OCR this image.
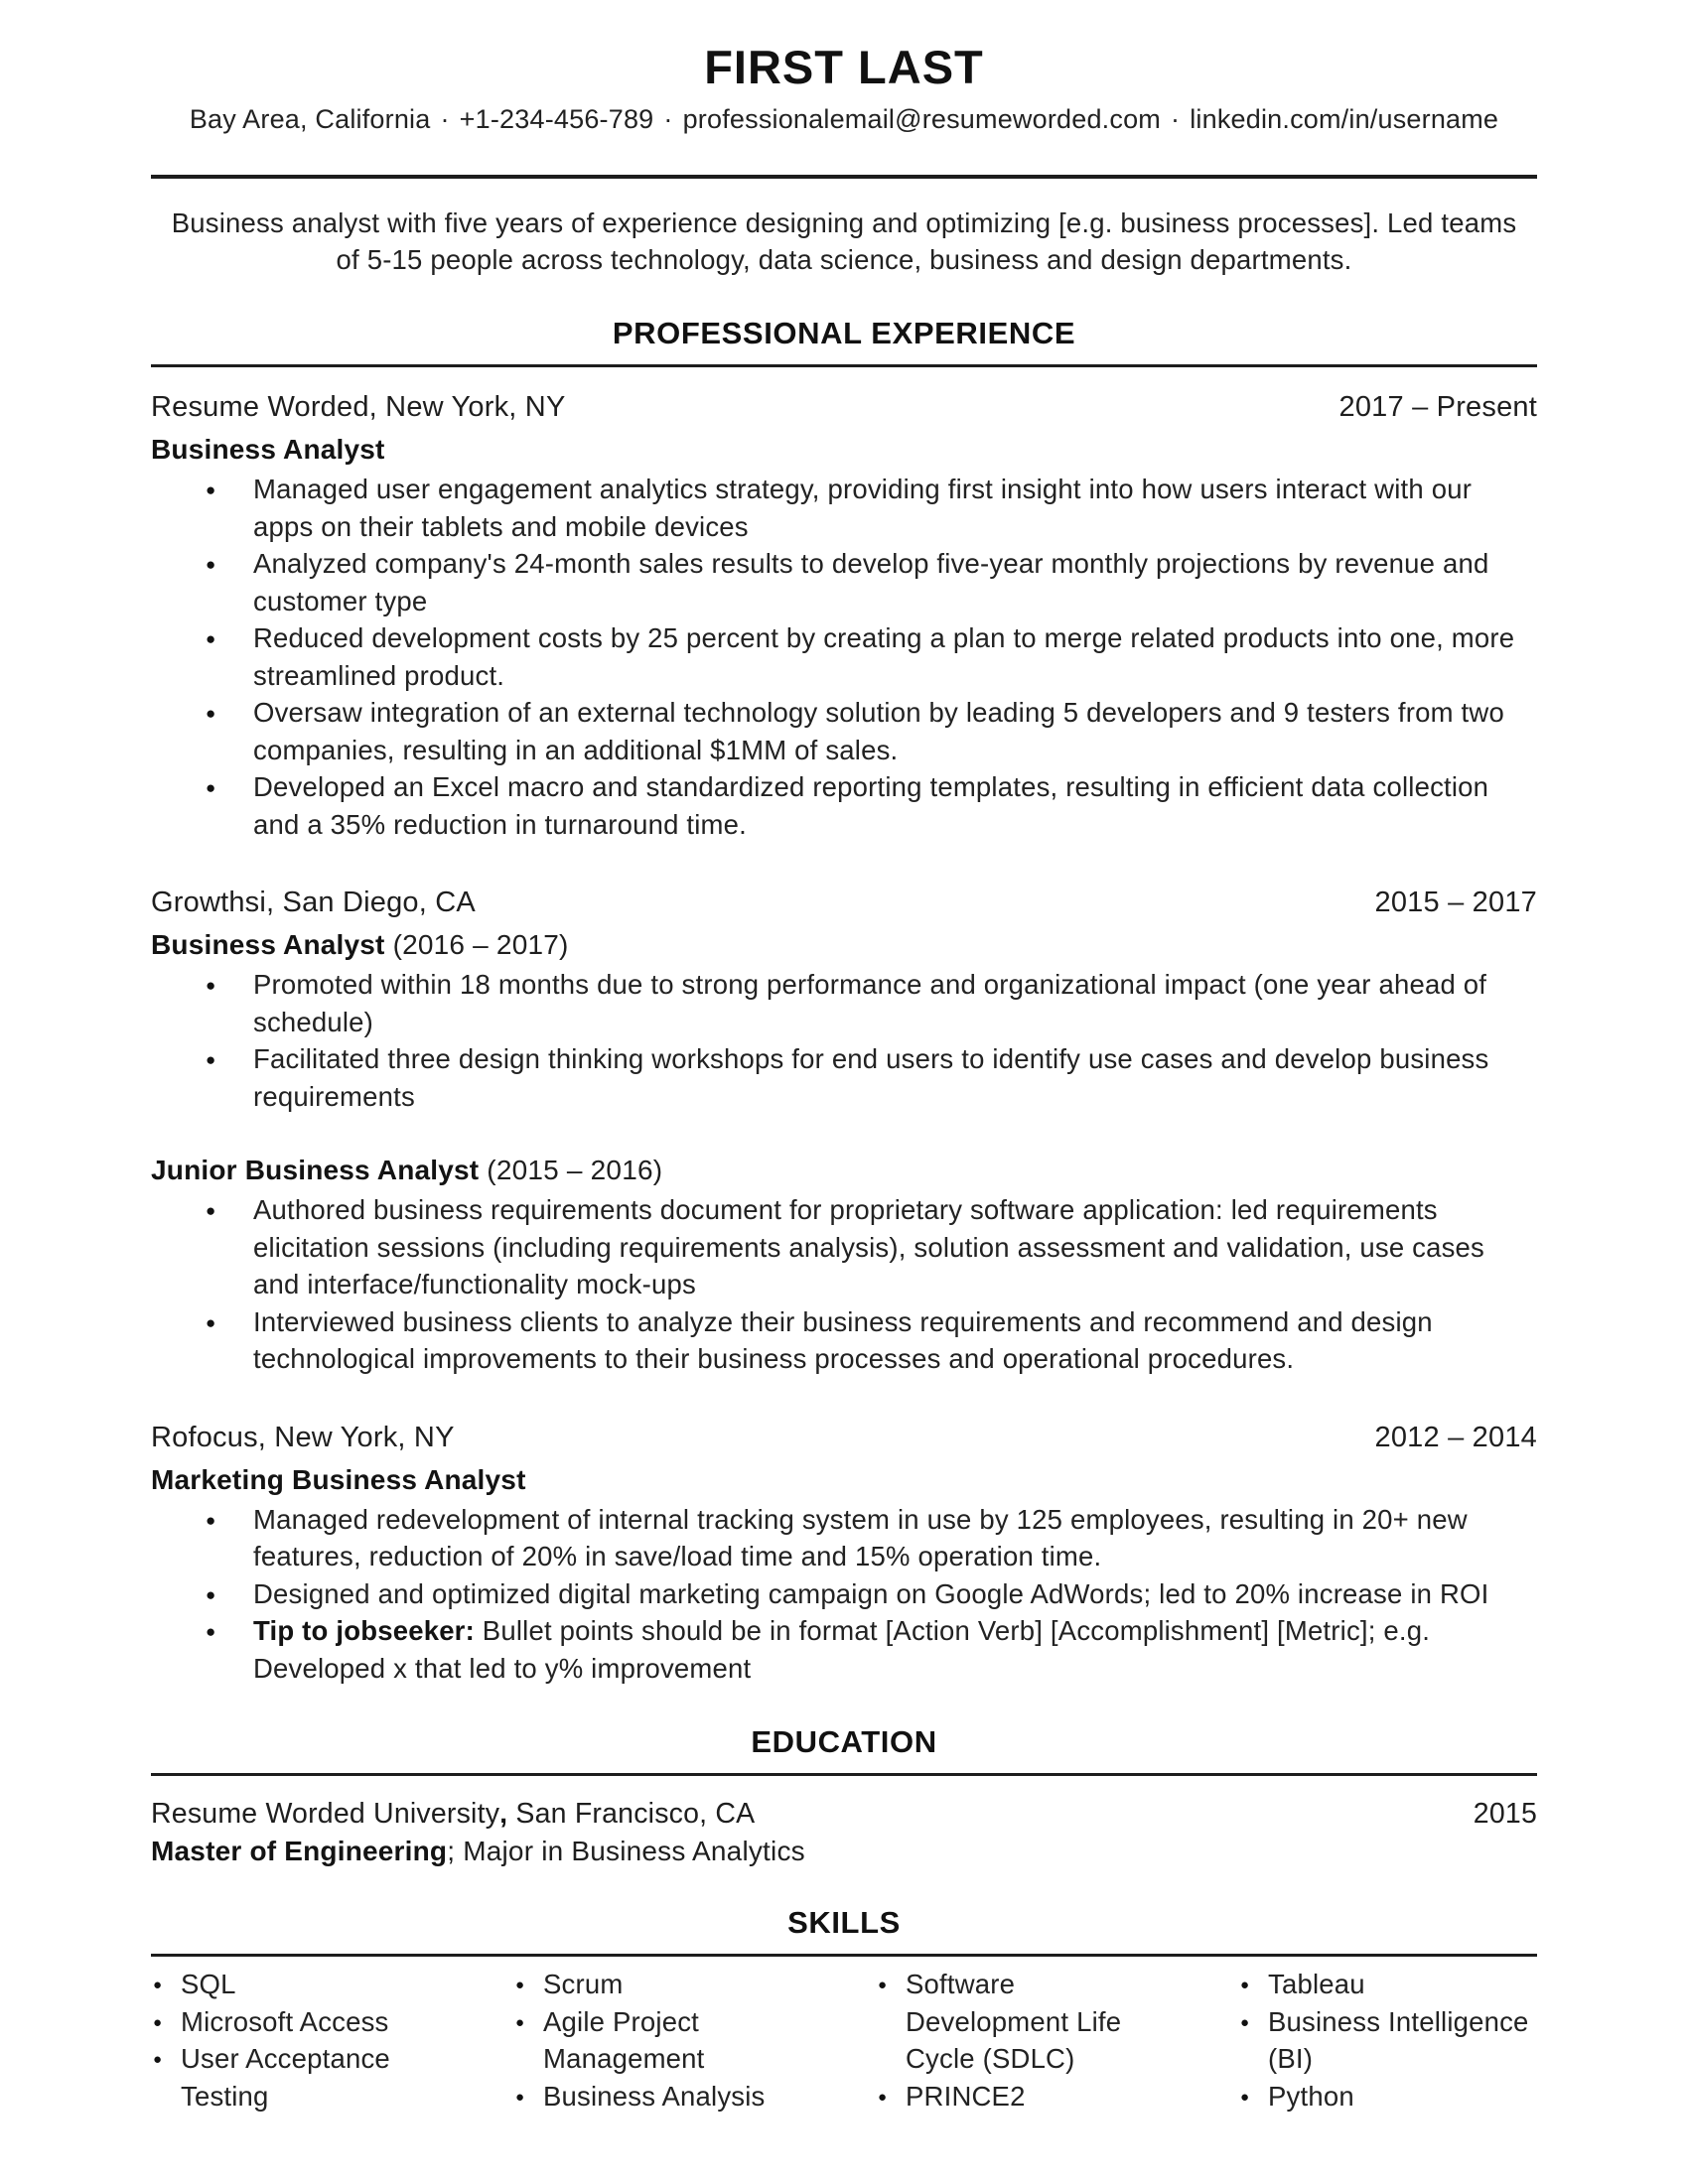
FIRST LAST
Bay Area, California · +1-234-456-789 · professionalemail@resumeworded.com · linkedin.com/in/username

Business analyst with five years of experience designing and optimizing [e.g. business processes]. Led teams of 5-15 people across technology, data science, business and design departments.

PROFESSIONAL EXPERIENCE
Resume Worded, New York, NY	2017 – Present
Business Analyst
● Managed user engagement analytics strategy, providing first insight into how users interact with our apps on their tablets and mobile devices
● Analyzed company's 24-month sales results to develop five-year monthly projections by revenue and customer type
● Reduced development costs by 25 percent by creating a plan to merge related products into one, more streamlined product.
● Oversaw integration of an external technology solution by leading 5 developers and 9 testers from two companies, resulting in an additional $1MM of sales.
● Developed an Excel macro and standardized reporting templates, resulting in efficient data collection and a 35% reduction in turnaround time.
Growthsi, San Diego, CA	2015 – 2017
Business Analyst (2016 – 2017)
● Promoted within 18 months due to strong performance and organizational impact (one year ahead of schedule)
● Facilitated three design thinking workshops for end users to identify use cases and develop business requirements
Junior Business Analyst (2015 – 2016)
● Authored business requirements document for proprietary software application: led requirements elicitation sessions (including requirements analysis), solution assessment and validation, use cases and interface/functionality mock-ups
● Interviewed business clients to analyze their business requirements and recommend and design technological improvements to their business processes and operational procedures.
Rofocus, New York, NY	2012 – 2014
Marketing Business Analyst
● Managed redevelopment of internal tracking system in use by 125 employees, resulting in 20+ new features, reduction of 20% in save/load time and 15% operation time.
● Designed and optimized digital marketing campaign on Google AdWords; led to 20% increase in ROI
● Tip to jobseeker: Bullet points should be in format [Action Verb] [Accomplishment] [Metric]; e.g. Developed x that led to y% improvement
EDUCATION
Resume Worded University, San Francisco, CA	2015
Master of Engineering; Major in Business Analytics
SKILLS
● SQL
● Microsoft Access
● User Acceptance Testing
● Scrum
● Agile Project Management
● Business Analysis
● Software Development Life Cycle (SDLC)
● PRINCE2
● Tableau
● Business Intelligence (BI)
● Python
